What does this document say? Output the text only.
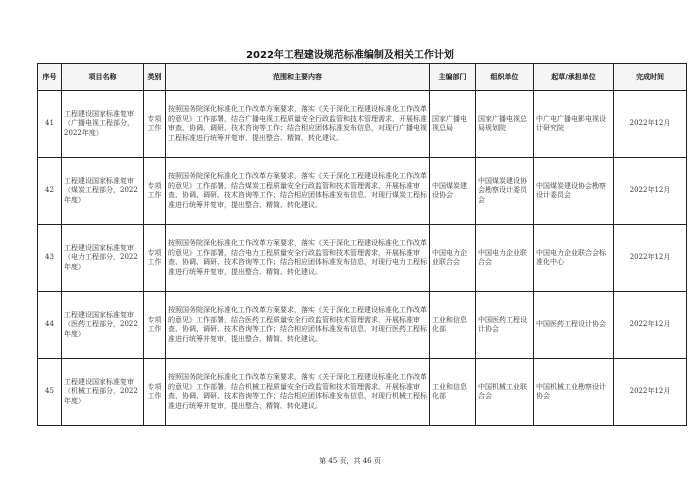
2022年工程建设规范标准编制及相关工作计划
序号	项目名称	类别	范围和主要内容	主编部门	组织单位	起草/承担单位	完成时间
41	工程建设国家标准复审（广播电视工程部分，2022年度）	专项工作	按照国务院深化标准化工作改革方案要求，落实《关于深化工程建设标准化工作改革的意见》工作部署，结合广播电视工程质量安全行政监管和技术管理需求，开展标准审查、协调、调研、技术咨询等工作；结合相应团体标准发布信息，对现行广播电视工程标准进行统筹并复审，提出整合、精简、转化建议。	国家广播电视总局	国家广播电视总局规划院	中广电广播电影电视设计研究院	2022年12月
42	工程建设国家标准复审（煤炭工程部分，2022年度）	专项工作	按照国务院深化标准化工作改革方案要求，落实《关于深化工程建设标准化工作改革的意见》工作部署，结合煤炭工程质量安全行政监管和技术管理需求，开展标准审查、协调、调研、技术咨询等工作；结合相应团体标准发布信息，对现行煤炭工程标准进行统筹并复审，提出整合、精简、转化建议。	中国煤炭建设协会	中国煤炭建设协会勘察设计委员会	中国煤炭建设协会勘察设计委员会	2022年12月
43	工程建设国家标准复审（电力工程部分，2022年度）	专项工作	按照国务院深化标准化工作改革方案要求，落实《关于深化工程建设标准化工作改革的意见》工作部署，结合电力工程质量安全行政监管和技术管理需求，开展标准审查、协调、调研、技术咨询等工作；结合相应团体标准发布信息，对现行电力工程标准进行统筹并复审，提出整合、精简、转化建议。	中国电力企业联合会	中国电力企业联合会	中国电力企业联合会标准化中心	2022年12月
44	工程建设国家标准复审（医药工程部分，2022年度）	专项工作	按照国务院深化标准化工作改革方案要求，落实《关于深化工程建设标准化工作改革的意见》工作部署，结合医药工程质量安全行政监管和技术管理需求，开展标准审查、协调、调研、技术咨询等工作；结合相应团体标准发布信息，对现行医药工程标准进行统筹并复审，提出整合、精简、转化建议。	工业和信息化部	中国医药工程设计协会	中国医药工程设计协会	2022年12月
45	工程建设国家标准复审（机械工程部分，2022年度）	专项工作	按照国务院深化标准化工作改革方案要求，落实《关于深化工程建设标准化工作改革的意见》工作部署，结合机械工程质量安全行政监管和技术管理需求，开展标准审查、协调、调研、技术咨询等工作；结合相应团体标准发布信息，对现行机械工程标准进行统筹并复审，提出整合、精简、转化建议。	工业和信息化部	中国机械工业联合会	中国机械工业勘察设计协会	2022年12月
第 45 页，共 46 页
